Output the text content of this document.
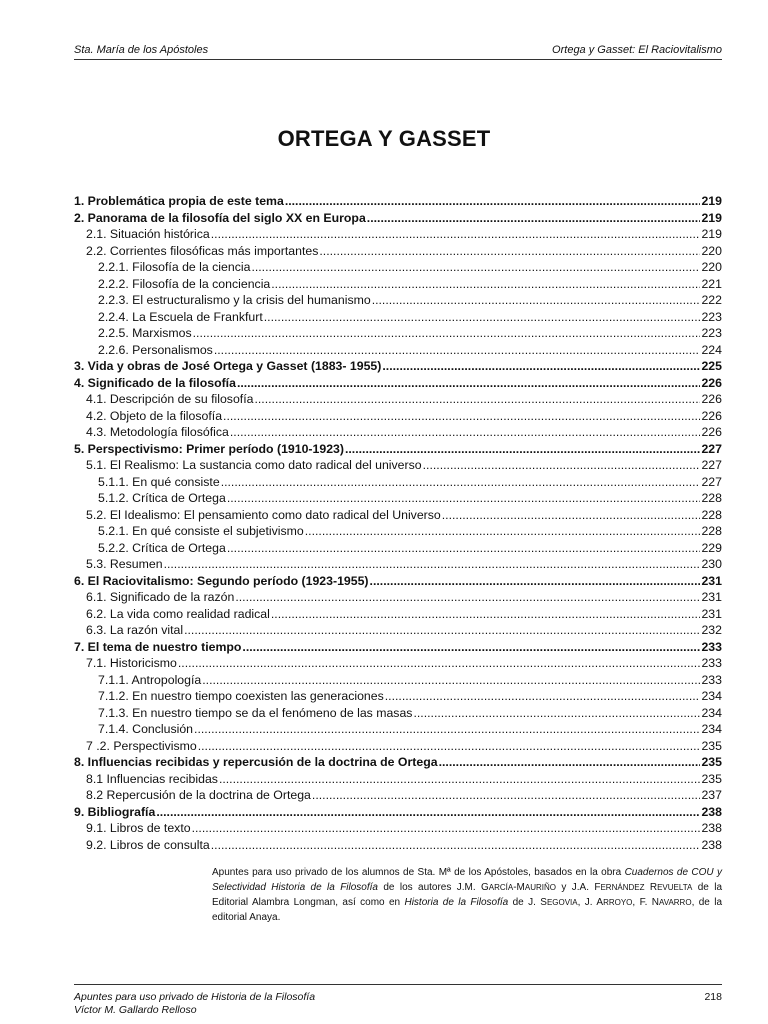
Sta. María de los Apóstoles	Ortega y Gasset: El Raciovitalismo
ORTEGA Y GASSET
1. Problemática propia de este tema .....	219
2. Panorama de la filosofía del siglo XX en Europa .....	219
2.1. Situación histórica .....	219
2.2. Corrientes filosóficas más importantes .....	220
2.2.1. Filosofía de la ciencia .....	220
2.2.2. Filosofía de la conciencia .....	221
2.2.3. El estructuralismo y la crisis del humanismo .....	222
2.2.4. La Escuela de Frankfurt .....	223
2.2.5. Marxismos .....	223
2.2.6. Personalismos .....	224
3. Vida y obras de José Ortega y Gasset (1883- 1955) .....	225
4. Significado de la filosofía .....	226
4.1. Descripción de su filosofía .....	226
4.2. Objeto de la filosofía .....	226
4.3. Metodología filosófica .....	226
5. Perspectivismo: Primer período (1910-1923) .....	227
5.1. El Realismo: La sustancia como dato radical del universo .....	227
5.1.1. En qué consiste .....	227
5.1.2. Crítica de Ortega .....	228
5.2. El Idealismo: El pensamiento como dato radical del Universo .....	228
5.2.1. En qué consiste el subjetivismo .....	228
5.2.2. Crítica de Ortega .....	229
5.3. Resumen .....	230
6. El Raciovitalismo: Segundo período (1923-1955) .....	231
6.1. Significado de la razón .....	231
6.2. La vida como realidad radical .....	231
6.3. La razón vital .....	232
7. El tema de nuestro tiempo .....	233
7.1. Historicismo .....	233
7.1.1. Antropología .....	233
7.1.2. En nuestro tiempo coexisten las generaciones .....	234
7.1.3. En nuestro tiempo se da el fenómeno de las masas .....	234
7.1.4. Conclusión .....	234
7 .2. Perspectivismo .....	235
8. Influencias recibidas y repercusión de la doctrina de Ortega .....	235
8.1 Influencias recibidas .....	235
8.2 Repercusión de la doctrina de Ortega .....	237
9. Bibliografía .....	238
9.1. Libros de texto .....	238
9.2. Libros de consulta .....	238
Apuntes para uso privado de los alumnos de Sta. Mª de los Apóstoles, basados en la obra Cuadernos de COU y Selectividad Historia de la Filosofía de los autores J.M. GARCÍA-MAURIÑO y J.A. FERNÁNDEZ REVUELTA de la Editorial Alambra Longman, así como en Historia de la Filosofía de J. SEGOVIA, J. ARROYO, F. NAVARRO, de la editorial Anaya.
Apuntes para uso privado de Historia de la Filosofía
Víctor M. Gallardo Relloso
218
